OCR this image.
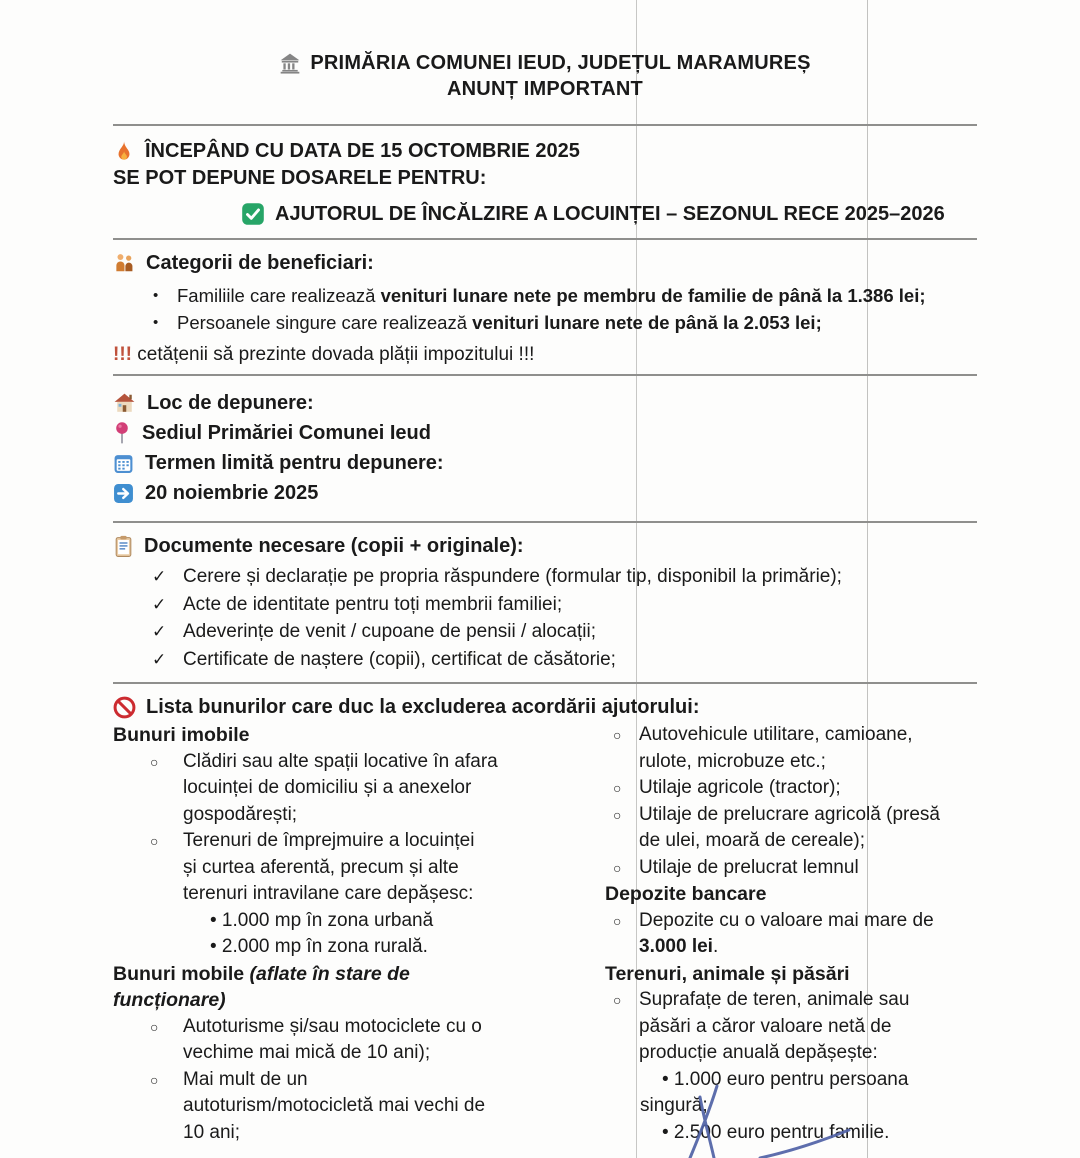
PRIMĂRIA COMUNEI IEUD, JUDEȚUL MARAMUREȘ
ANUNȚ IMPORTANT
ÎNCEPÂND CU DATA DE 15 OCTOMBRIE 2025
SE POT DEPUNE DOSARELE PENTRU:
AJUTORUL DE ÎNCĂLZIRE A LOCUINȚEI – SEZONUL RECE 2025–2026
Categorii de beneficiari:
•	Familiile care realizează venituri lunare nete pe membru de familie de până la 1.386 lei;
•	Persoanele singure care realizează venituri lunare nete de până la 2.053 lei;
!!! cetățenii să prezinte dovada plății impozitului !!!
Loc de depunere:
Sediul Primăriei Comunei Ieud
Termen limită pentru depunere:
20 noiembrie 2025
Documente necesare (copii + originale):
✓ Cerere și declarație pe propria răspundere (formular tip, disponibil la primărie);
✓ Acte de identitate pentru toți membrii familiei;
✓ Adeverințe de venit / cupoane de pensii / alocații;
✓ Certificate de naștere (copii), certificat de căsătorie;
Lista bunurilor care duc la excluderea acordării ajutorului:
Bunuri imobile
○	Clădiri sau alte spații locative în afara
locuinței de domiciliu și a anexelor
gospodărești;
○	Terenuri de împrejmuire a locuinței
și curtea aferentă, precum și alte
terenuri intravilane care depășesc:
• 1.000 mp în zona urbană
• 2.000 mp în zona rurală.
Bunuri mobile (aflate în stare de
funcționare)
○	Autoturisme și/sau motociclete cu o
vechime mai mică de 10 ani);
○	Mai mult de un
autoturism/motocicletă mai vechi de
10 ani;
○ Autovehicule utilitare, camioane,
rulote, microbuze etc.;
○ Utilaje agricole (tractor);
○ Utilaje de prelucrare agricolă (presă
de ulei, moară de cereale);
○ Utilaje de prelucrat lemnul
Depozite bancare
○ Depozite cu o valoare mai mare de
3.000 lei.
Terenuri, animale și păsări
○ Suprafațe de teren, animale sau
păsări a căror valoare netă de
producție anuală depășește:
• 1.000 euro pentru persoana
singură;
• 2.500 euro pentru familie.
